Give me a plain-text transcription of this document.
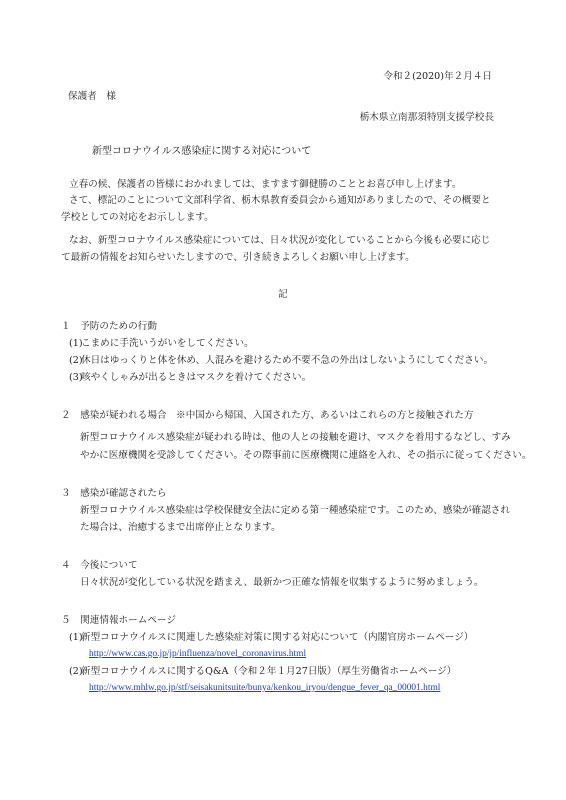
令和２(2020)年２月４日
保護者　様
栃木県立南那須特別支援学校長
新型コロナウイルス感染症に関する対応について
立春の候、保護者の皆様におかれましては、ますます御健勝のこととお喜び申し上げます。
さて、標記のことについて文部科学省、栃木県教育委員会から通知がありましたので、その概要と
学校としての対応をお示しします。
なお、新型コロナウイルス感染症については、日々状況が変化していることから今後も必要に応じ
て最新の情報をお知らせいたしますので、引き続きよろしくお願い申し上げます。
記
１　 予防のための行動
(1)こまめに手洗いうがいをしてください。
(2)休日はゆっくりと体を休め、人混みを避けるため不要不急の外出はしないようにしてください。
(3)咳やくしゃみが出るときはマスクを着けてください。
２　 感染が疑われる場合　※中国から帰国、入国された方、あるいはこれらの方と接触された方
新型コロナウイルス感染症が疑われる時は、他の人との接触を避け、マスクを着用するなどし、すみ
やかに医療機関を受診してください。その際事前に医療機関に連絡を入れ、その指示に従ってください。
３　 感染が確認されたら
新型コロナウイルス感染症は学校保健安全法に定める第一種感染症です。このため、感染が確認され
た場合は、治癒するまで出席停止となります。
４　 今後について
日々状況が変化している状況を踏まえ、最新かつ正確な情報を収集するように努めましょう。
５　 関連情報ホームページ
(1)新型コロナウイルスに関連した感染症対策に関する対応について（内閣官房ホームページ）
http://www.cas.go.jp/jp/influenza/novel_coronavirus.html
(2)新型コロナウイルスに関するQ&A（令和２年１月27日版）（厚生労働省ホームページ）
http://www.mhlw.go.jp/stf/seisakunitsuite/bunya/kenkou_iryou/dengue_fever_qa_00001.html
